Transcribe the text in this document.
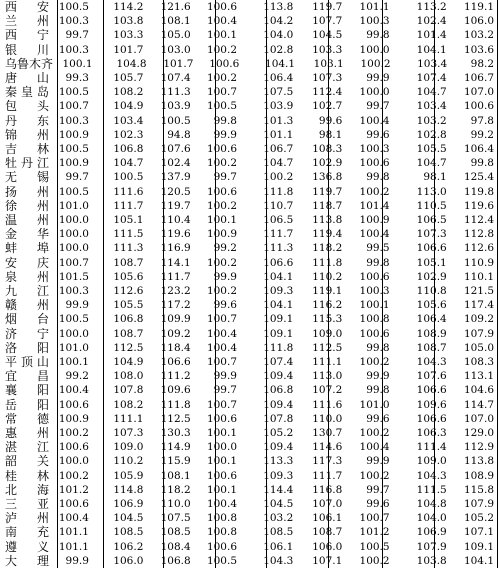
西 安 100.5	114.2	121.6	100.6	113.8	119.7	101.1	113.2	119.1
兰 州 100.3	103.8	108.1	100.4	104.2	107.7	100.3	102.4	106.0
西 宁	99.7	103.3	105.0	100.1	104.0	104.5	99.8	101.4	103.2
银 川 100.3	101.7	103.0	100.2	102.8	103.3	100.0	104.1	103.6
乌 鲁 木 齐 100.1	104.8	101.7	100.6	104.1	103.1	100.2	103.4	98.2
唐 山	99.3	105.7	107.4	100.2	106.4	107.3	99.9	107.4	106.7
秦 皇 岛 100.5	108.2	111.3	100.7	107.5	112.4	100.0	104.7	107.0
包 头 100.7	104.9	103.9	100.5	103.9	102.7	99.7	103.4	100.6
丹 东 100.3	103.4	100.5	99.8	101.3	99.6	100.4	103.2	97.8
锦 州 100.9	102.3	94.8	99.9	101.1	98.1	99.6	102.8	99.2
吉 林 100.5	106.8	107.6	100.6	106.7	108.3	100.3	105.5	106.4
牡 丹 江 100.9	104.7	102.4	100.2	104.7	102.9	100.6	104.7	99.8
无 锡	99.7	100.5	137.9	99.7	100.2	136.8	99.8	98.1	125.4
扬 州 100.5	111.6	120.5	100.6	111.8	119.7	100.2	113.0	119.8
徐 州 101.0	111.7	119.7	100.2	110.7	118.7	101.4	110.5	119.6
温 州 100.0	105.1	110.4	100.1	106.5	113.8	100.9	106.5	112.4
金 华 100.0	111.5	119.6	100.9	111.7	119.4	100.4	107.3	112.8
蚌 埠 100.0	111.3	116.9	99.2	111.3	118.2	99.5	106.6	112.6
安 庆 100.7	108.7	114.1	100.2	106.6	111.8	99.8	105.1	110.9
泉 州 101.5	105.6	111.7	99.9	104.1	110.2	100.6	102.9	110.1
九 江 100.3	112.6	123.2	100.2	109.3	119.1	100.3	110.8	121.5
赣 州	99.9	105.5	117.2	99.6	104.1	116.2	100.1	105.6	117.4
烟 台 100.5	106.8	109.9	100.7	109.1	115.3	100.8	106.4	109.2
济 宁 100.0	108.7	109.2	100.4	109.1	109.0	100.6	108.9	107.9
洛 阳 101.0	112.5	118.4	100.4	111.8	112.5	99.8	108.7	105.0
平 顶 山 100.1	104.9	106.6	100.7	107.4	111.1	100.2	104.3	108.3
宜 昌	99.2	108.0	111.2	99.9	109.4	113.0	99.9	107.6	113.1
襄 阳 100.4	107.8	109.6	99.7	106.8	107.2	99.8	106.6	104.6
岳 阳 100.6	108.2	111.8	100.7	109.4	111.6	101.0	109.6	114.7
常 德 100.9	111.1	112.5	100.6	107.8	110.0	99.6	106.6	107.0
惠 州 100.2	107.3	130.3	100.1	105.2	130.7	100.2	106.3	129.0
湛 江 100.6	109.0	114.9	100.0	109.4	114.6	100.4	111.4	112.9
韶 关 100.0	110.2	115.9	100.1	113.3	117.3	99.9	109.0	113.8
桂 林 100.2	105.9	108.1	100.6	109.3	111.7	100.2	104.3	108.9
北 海 101.2	114.8	118.2	100.1	114.4	116.8	99.7	111.5	115.8
三 亚 100.6	106.9	110.0	100.4	104.5	107.0	99.6	104.8	107.9
泸 州 100.4	104.5	107.5	100.8	103.2	106.1	100.7	104.0	105.2
南 充 101.1	108.5	108.5	100.8	108.5	108.7	101.2	106.9	107.1
遵 义 101.1	106.2	108.4	100.6	106.1	106.0	100.5	107.9	109.1
大 理	99.9	106.0	106.8	100.5	104.3	107.1	100.2	103.8	104.1
